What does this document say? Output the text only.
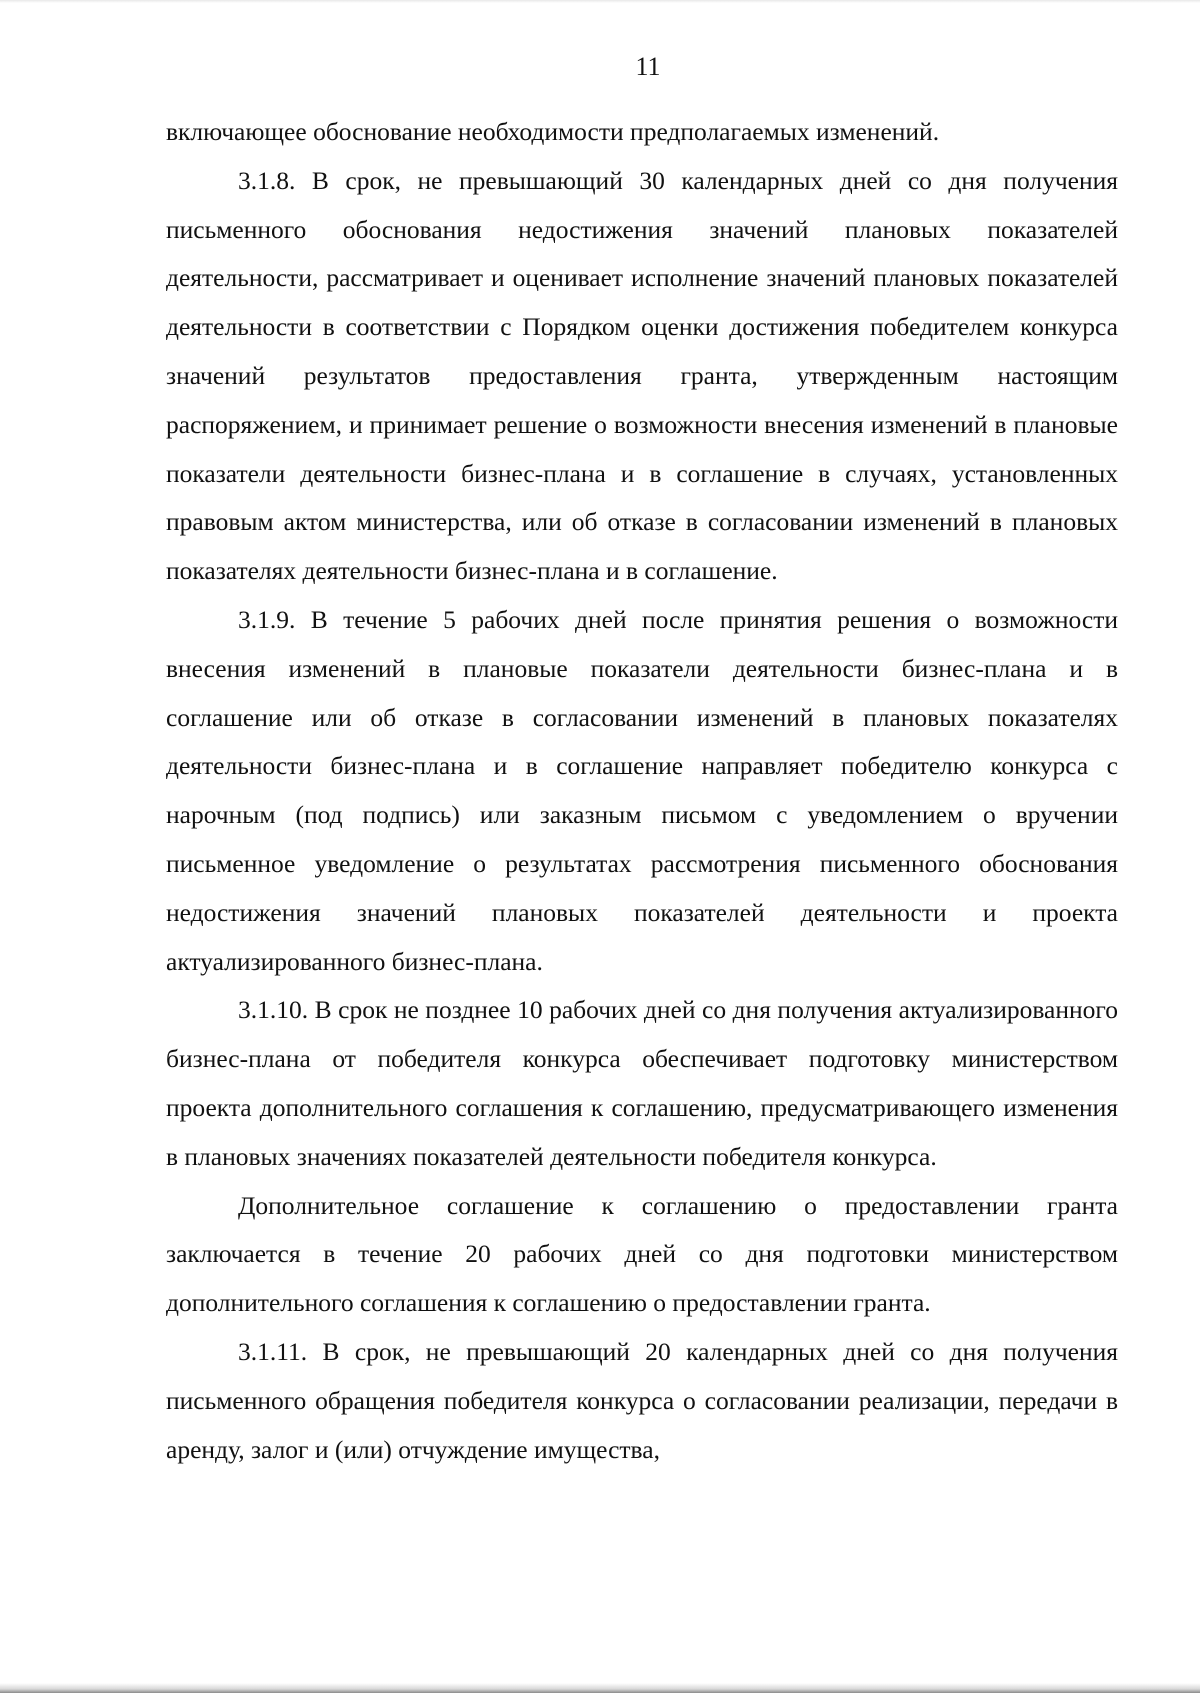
11

включающее обоснование необходимости предполагаемых изменений.

3.1.8. В срок, не превышающий 30 календарных дней со дня получения письменного обоснования недостижения значений плановых показателей деятельности, рассматривает и оценивает исполнение значений плановых показателей деятельности в соответствии с Порядком оценки достижения победителем конкурса значений результатов предоставления гранта, утвержденным настоящим распоряжением, и принимает решение о возможности внесения изменений в плановые показатели деятельности бизнес-плана и в соглашение в случаях, установленных правовым актом министерства, или об отказе в согласовании изменений в плановых показателях деятельности бизнес-плана и в соглашение.

3.1.9. В течение 5 рабочих дней после принятия решения о возможности внесения изменений в плановые показатели деятельности бизнес-плана и в соглашение или об отказе в согласовании изменений в плановых показателях деятельности бизнес-плана и в соглашение направляет победителю конкурса с нарочным (под подпись) или заказным письмом с уведомлением о вручении письменное уведомление о результатах рассмотрения письменного обоснования недостижения значений плановых показателей деятельности и проекта актуализированного бизнес-плана.

3.1.10. В срок не позднее 10 рабочих дней со дня получения актуализированного бизнес-плана от победителя конкурса обеспечивает подготовку министерством проекта дополнительного соглашения к соглашению, предусматривающего изменения в плановых значениях показателей деятельности победителя конкурса.

Дополнительное соглашение к соглашению о предоставлении гранта заключается в течение 20 рабочих дней со дня подготовки министерством дополнительного соглашения к соглашению о предоставлении гранта.

3.1.11. В срок, не превышающий 20 календарных дней со дня получения письменного обращения победителя конкурса о согласовании реализации, передачи в аренду, залог и (или) отчуждение имущества,
